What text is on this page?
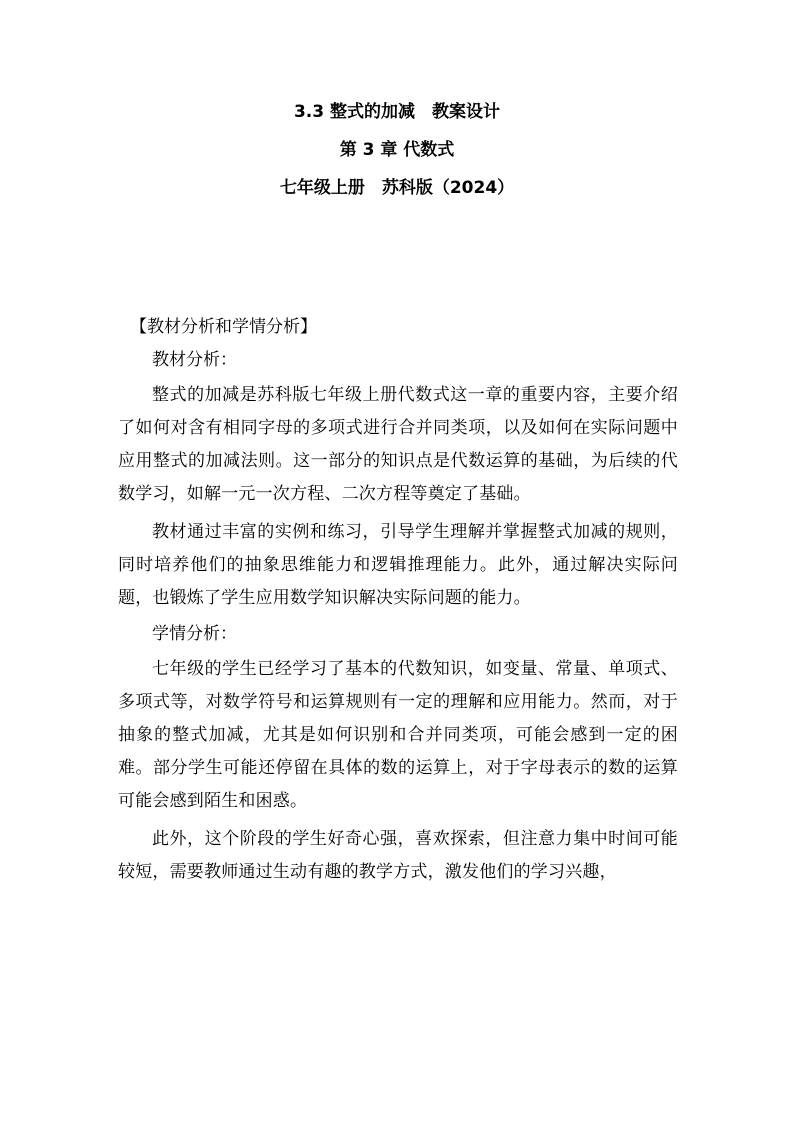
3.3 整式的加减　教案设计
第 3 章 代数式
七年级上册　苏科版（2024）
【教材分析和学情分析】
教材分析：

整式的加减是苏科版七年级上册代数式这一章的重要内容，主要介绍了如何对含有相同字母的多项式进行合并同类项，以及如何在实际问题中应用整式的加减法则。这一部分的知识点是代数运算的基础，为后续的代数学习，如解一元一次方程、二次方程等奠定了基础。

教材通过丰富的实例和练习，引导学生理解并掌握整式加减的规则，同时培养他们的抽象思维能力和逻辑推理能力。此外，通过解决实际问题，也锻炼了学生应用数学知识解决实际问题的能力。

学情分析：

七年级的学生已经学习了基本的代数知识，如变量、常量、单项式、多项式等，对数学符号和运算规则有一定的理解和应用能力。然而，对于抽象的整式加减，尤其是如何识别和合并同类项，可能会感到一定的困难。部分学生可能还停留在具体的数的运算上，对于字母表示的数的运算可能会感到陌生和困惑。

此外，这个阶段的学生好奇心强，喜欢探索，但注意力集中时间可能较短，需要教师通过生动有趣的教学方式，激发他们的学习兴趣，
